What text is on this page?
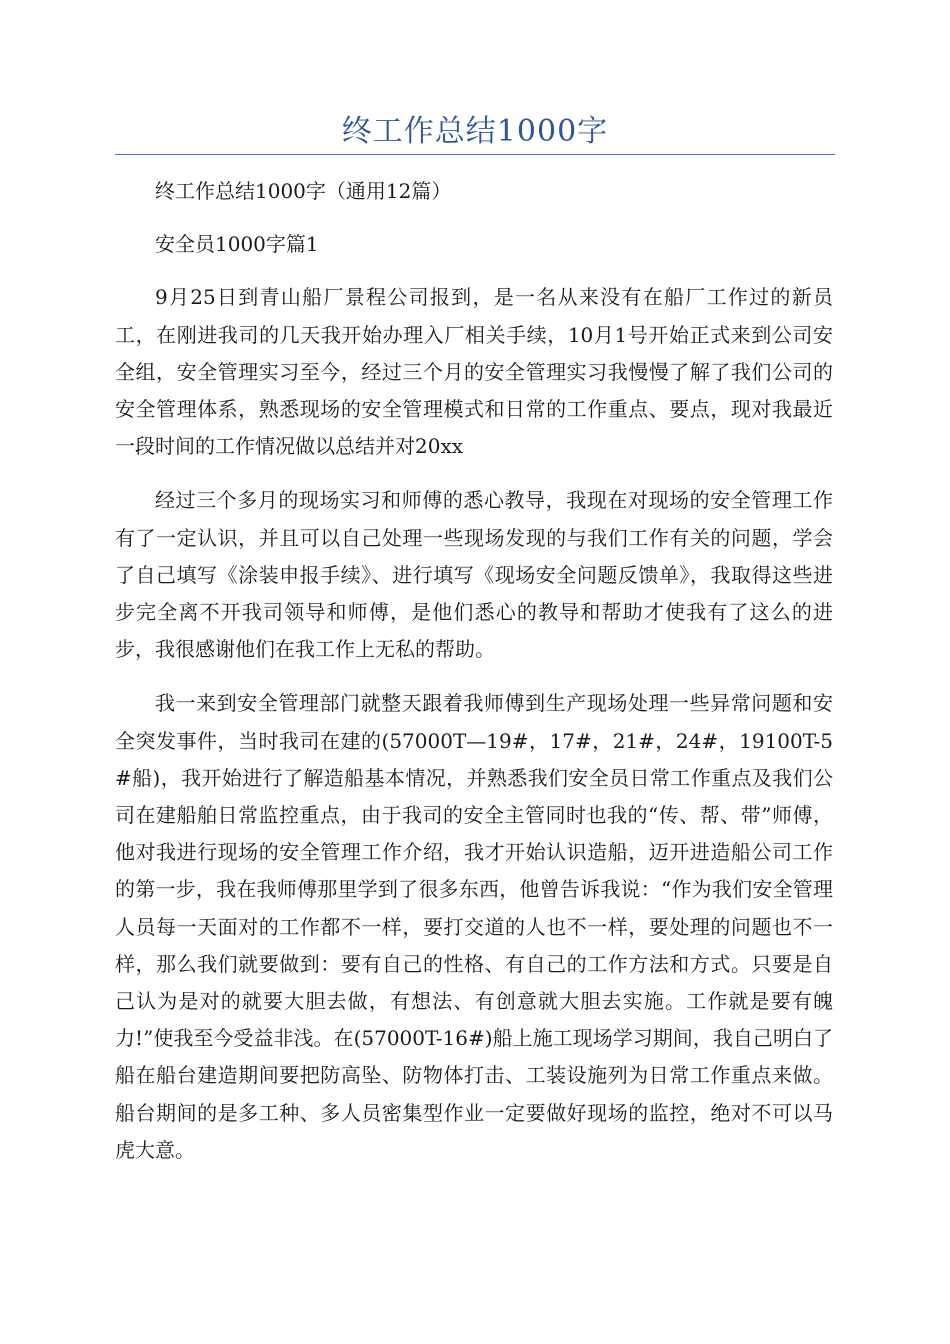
终工作总结1000字

终工作总结1000字（通用12篇）

安全员1000字篇1

9月25日到青山船厂景程公司报到，是一名从来没有在船厂工作过的新员工，在刚进我司的几天我开始办理入厂相关手续，10月1号开始正式来到公司安全组，安全管理实习至今，经过三个月的安全管理实习我慢慢了解了我们公司的安全管理体系，熟悉现场的安全管理模式和日常的工作重点、要点，现对我最近一段时间的工作情况做以总结并对20xx

经过三个多月的现场实习和师傅的悉心教导，我现在对现场的安全管理工作有了一定认识，并且可以自己处理一些现场发现的与我们工作有关的问题，学会了自己填写《涂装申报手续》、进行填写《现场安全问题反馈单》，我取得这些进步完全离不开我司领导和师傅，是他们悉心的教导和帮助才使我有了这么的进步，我很感谢他们在我工作上无私的帮助。

我一来到安全管理部门就整天跟着我师傅到生产现场处理一些异常问题和安全突发事件，当时我司在建的(57000T—19#，17#，21#，24#，19100T-5#船)，我开始进行了解造船基本情况，并熟悉我们安全员日常工作重点及我们公司在建船舶日常监控重点，由于我司的安全主管同时也我的“传、帮、带”师傅，他对我进行现场的安全管理工作介绍，我才开始认识造船，迈开进造船公司工作的第一步，我在我师傅那里学到了很多东西，他曾告诉我说：“作为我们安全管理人员每一天面对的工作都不一样，要打交道的人也不一样，要处理的问题也不一样，那么我们就要做到：要有自己的性格、有自己的工作方法和方式。只要是自己认为是对的就要大胆去做，有想法、有创意就大胆去实施。工作就是要有魄力!”使我至今受益非浅。在(57000T-16#)船上施工现场学习期间，我自己明白了船在船台建造期间要把防高坠、防物体打击、工装设施列为日常工作重点来做。船台期间的是多工种、多人员密集型作业一定要做好现场的监控，绝对不可以马虎大意。
